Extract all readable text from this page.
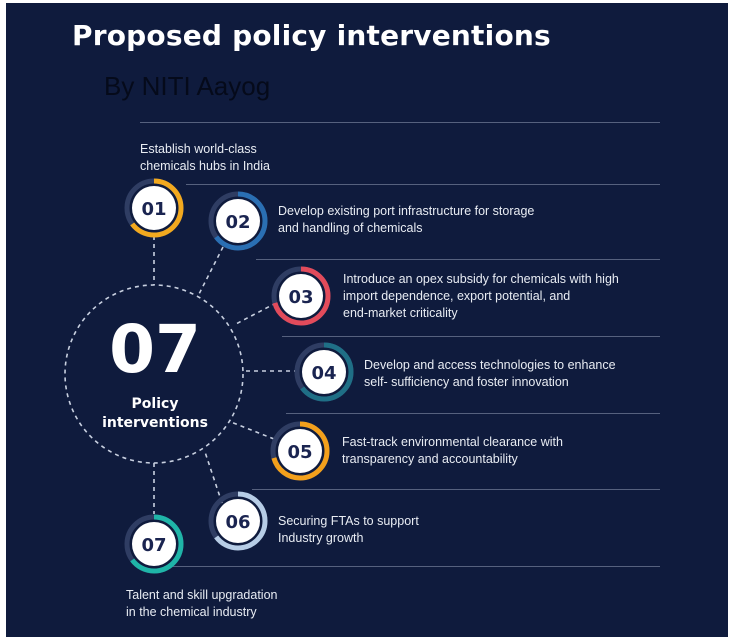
Proposed policy interventions
By NITI Aayog
01
02
03
04
05
06
07
07
Policy
interventions
Establish world-class
chemicals hubs in India
Develop existing port infrastructure for storage
and handling of chemicals
Introduce an opex subsidy for chemicals with high
import dependence, export potential, and
end-market criticality
Develop and access technologies to enhance
self- sufficiency and foster innovation
Fast-track environmental clearance with
transparency and accountability
Securing FTAs to support
Industry growth
Talent and skill upgradation
in the chemical industry
